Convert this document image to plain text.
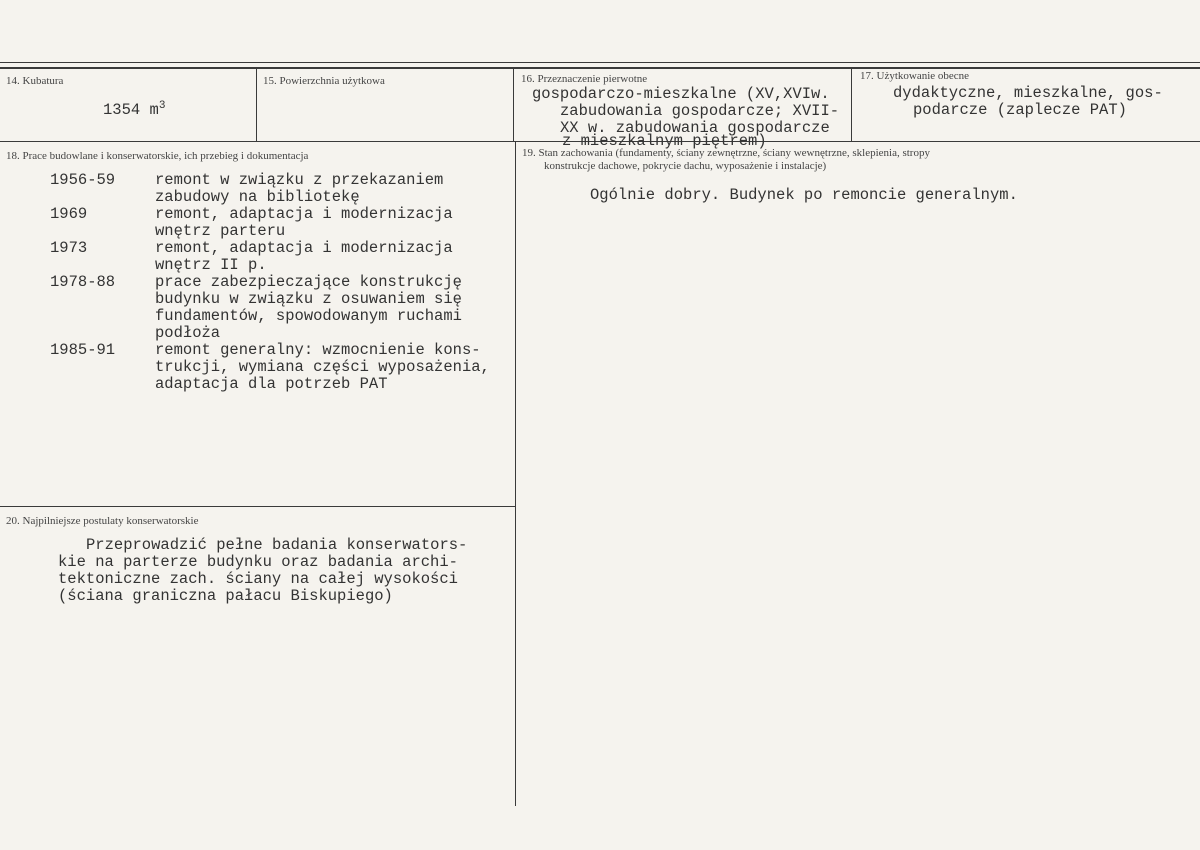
14. Kubatura
1354 $m^3$
15. Powierzchnia użytkowa	16. Przeznaczenie pierwotne
gospodarczo-mieszkalne (XV,XVIw.
zabudowania gospodarcze; XVII-
XX w. zabudowania gospodarcze
z mieszkalnym piętrem)
17. Użytkowanie obecne
dydaktyczne, mieszkalne, gos-
podarcze (zaplecze PAT)
18. Prace budowlane i konserwatorskie, ich przebieg i dokumentacja
1956-59	remont w związku z przekazaniem
zabudowy na bibliotekę
1969	remont, adaptacja i modernizacja
wnętrz parteru
1973	remont, adaptacja i modernizacja
wnętrz II p.
1978-88	prace zabezpieczające konstrukcję
budynku w związku z osuwaniem się
fundamentów, spowodowanym ruchami
podłoża
1985-91	remont generalny: wzmocnienie kons-
trukcji, wymiana części wyposażenia,
adaptacja dla potrzeb PAT
19. Stan zachowania (fundamenty, ściany zewnętrzne, ściany wewnętrzne, sklepienia, stropy
konstrukcje dachowe, pokrycie dachu, wyposażenie i instalacje)
Ogólnie dobry. Budynek po remoncie generalnym.
20. Najpilniejsze postulaty konserwatorskie
Przeprowadzić pełne badania konserwators-
kie na parterze budynku oraz badania archi-
tektoniczne zach. ściany na całej wysokości
(ściana graniczna pałacu Biskupiego)
